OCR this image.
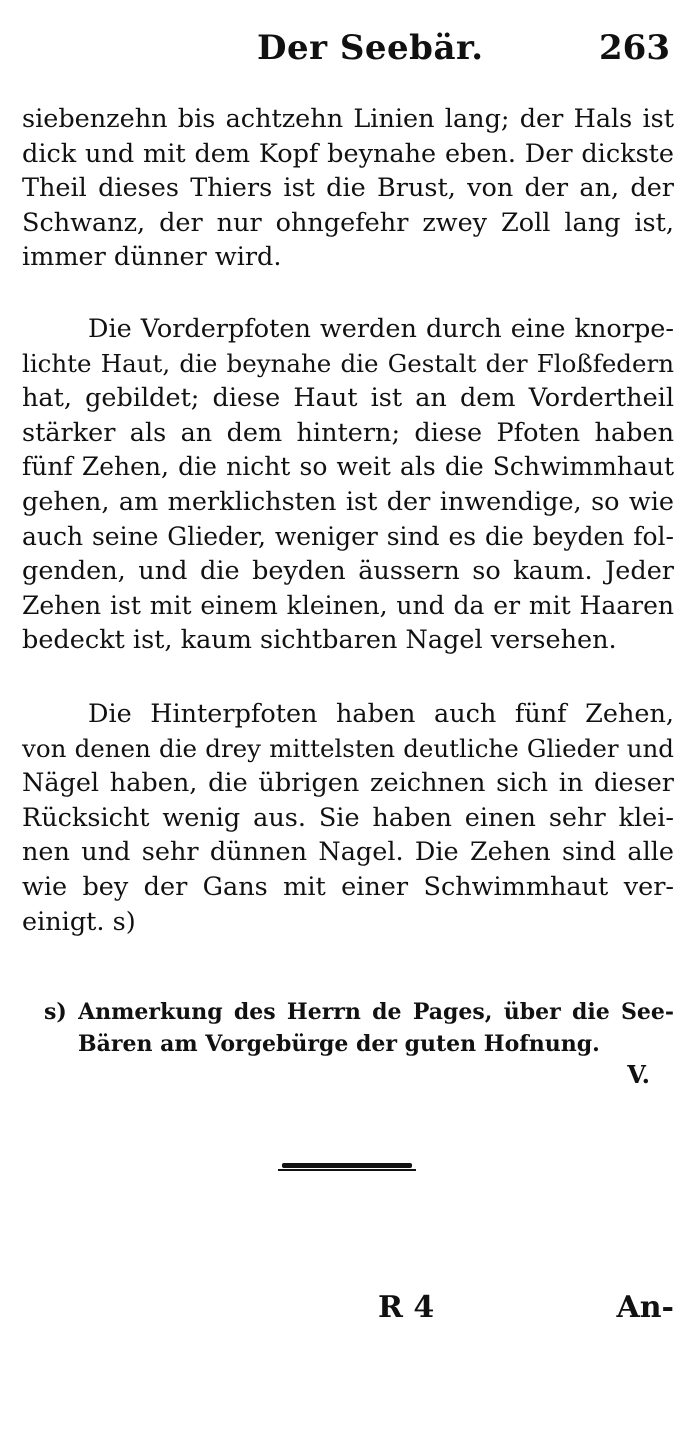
Der Seebär.	263
siebenzehn bis achtzehn Linien lang; der Hals ist
dick und mit dem Kopf beynahe eben. Der dickste
Theil dieses Thiers ist die Brust, von der an, der
Schwanz, der nur ohngefehr zwey Zoll lang ist,
immer dünner wird.
Die Vorderpfoten werden durch eine knorpe-
lichte Haut, die beynahe die Gestalt der Floßfedern
hat, gebildet; diese Haut ist an dem Vordertheil
stärker als an dem hintern; diese Pfoten haben
fünf Zehen, die nicht so weit als die Schwimmhaut
gehen, am merklichsten ist der inwendige, so wie
auch seine Glieder, weniger sind es die beyden fol-
genden, und die beyden äussern so kaum. Jeder
Zehen ist mit einem kleinen, und da er mit Haaren
bedeckt ist, kaum sichtbaren Nagel versehen.
Die Hinterpfoten haben auch fünf Zehen,
von denen die drey mittelsten deutliche Glieder und
Nägel haben, die übrigen zeichnen sich in dieser
Rücksicht wenig aus. Sie haben einen sehr klei-
nen und sehr dünnen Nagel. Die Zehen sind alle
wie bey der Gans mit einer Schwimmhaut ver-
einigt. s)
s) Anmerkung des Herrn de Pages, über die See-
Bären am Vorgebürge der guten Hofnung.
V.
R 4	An-
